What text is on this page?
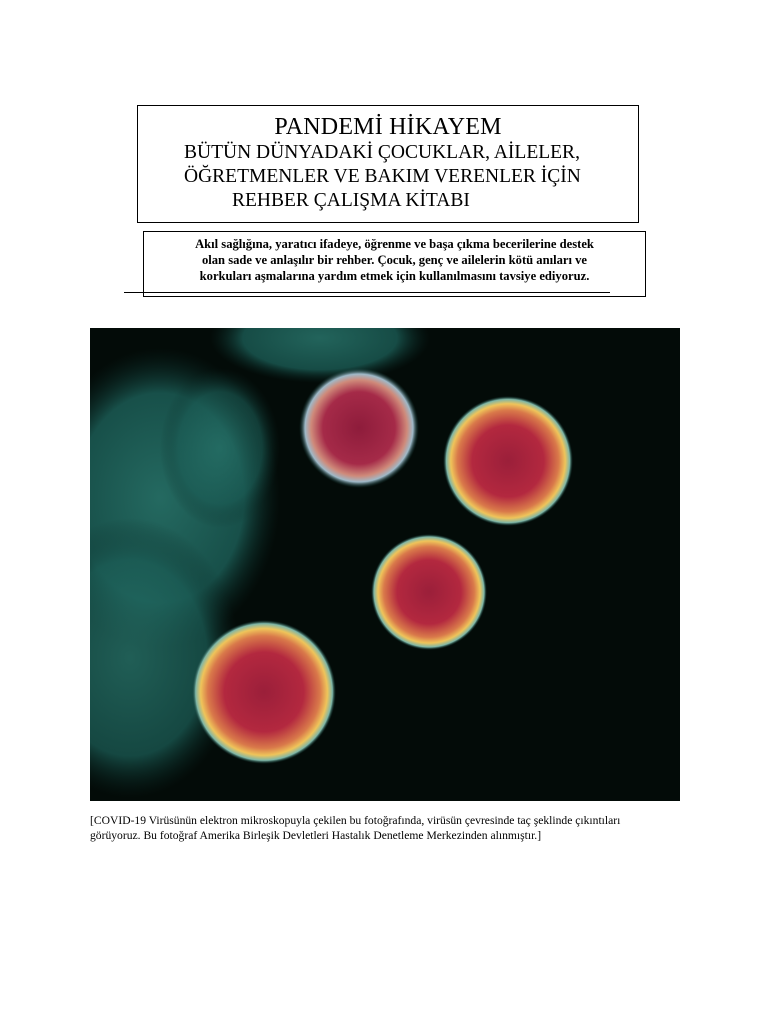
PANDEMİ HİKAYEM
BÜTÜN DÜNYADAKİ ÇOCUKLAR, AİLELER,
ÖĞRETMENLER VE BAKIM VERENLER İÇİN
REHBER ÇALIŞMA KİTABI
Akıl sağlığına, yaratıcı ifadeye, öğrenme ve başa çıkma becerilerine destek
olan sade ve anlaşılır bir rehber. Çocuk, genç ve ailelerin kötü anıları ve
korkuları aşmalarına yardım etmek için kullanılmasını tavsiye ediyoruz.
[COVID-19 Virüsünün elektron mikroskopuyla çekilen bu fotoğrafında, virüsün çevresinde taç şeklinde çıkıntıları
görüyoruz. Bu fotoğraf Amerika Birleşik Devletleri Hastalık Denetleme Merkezinden alınmıştır.]
